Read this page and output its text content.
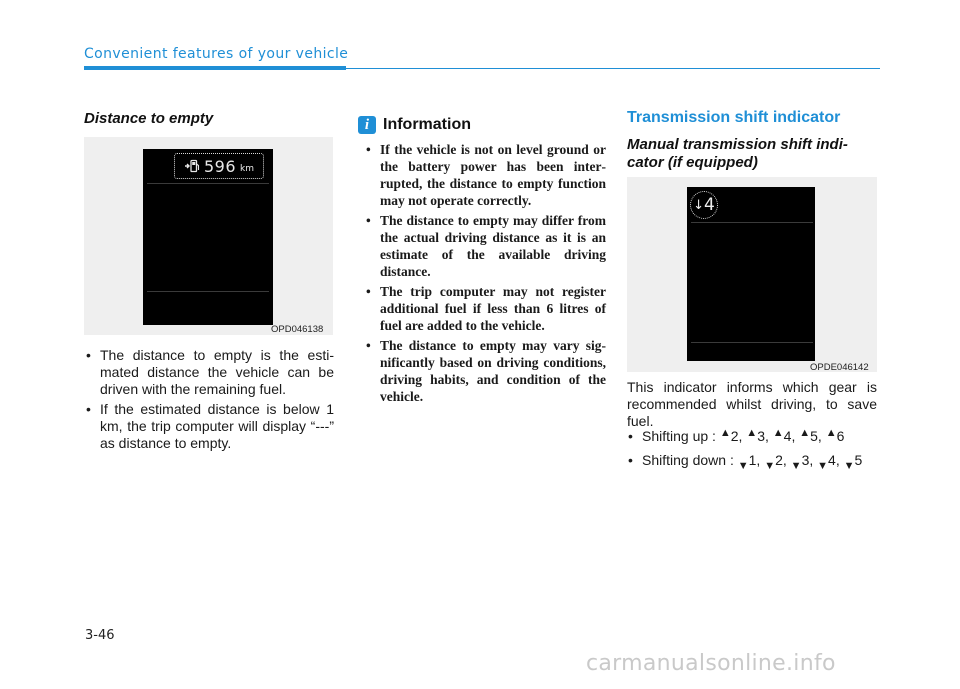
Convenient features of your vehicle
Distance to empty
596 km
OPD046138
• The distance to empty is the estimated distance the vehicle can be driven with the remaining fuel.
• If the estimated distance is below 1 km, the trip computer will display “---” as distance to empty.
i Information
• If the vehicle is not on level ground or the battery power has been interrupted, the distance to empty function may not operate correctly.
• The distance to empty may differ from the actual driving distance as it is an estimate of the available driving distance.
• The trip computer may not register additional fuel if less than 6 litres of fuel are added to the vehicle.
• The distance to empty may vary significantly based on driving conditions, driving habits, and condition of the vehicle.
Transmission shift indicator
Manual transmission shift indicator (if equipped)
↓ 4
OPDE046142
This indicator informs which gear is recommended whilst driving, to save fuel.
• Shifting up : ▲2, ▲3, ▲4, ▲5, ▲6
• Shifting down : ▼1, ▼2, ▼3, ▼4, ▼5
3-46
carmanualsonline.info
